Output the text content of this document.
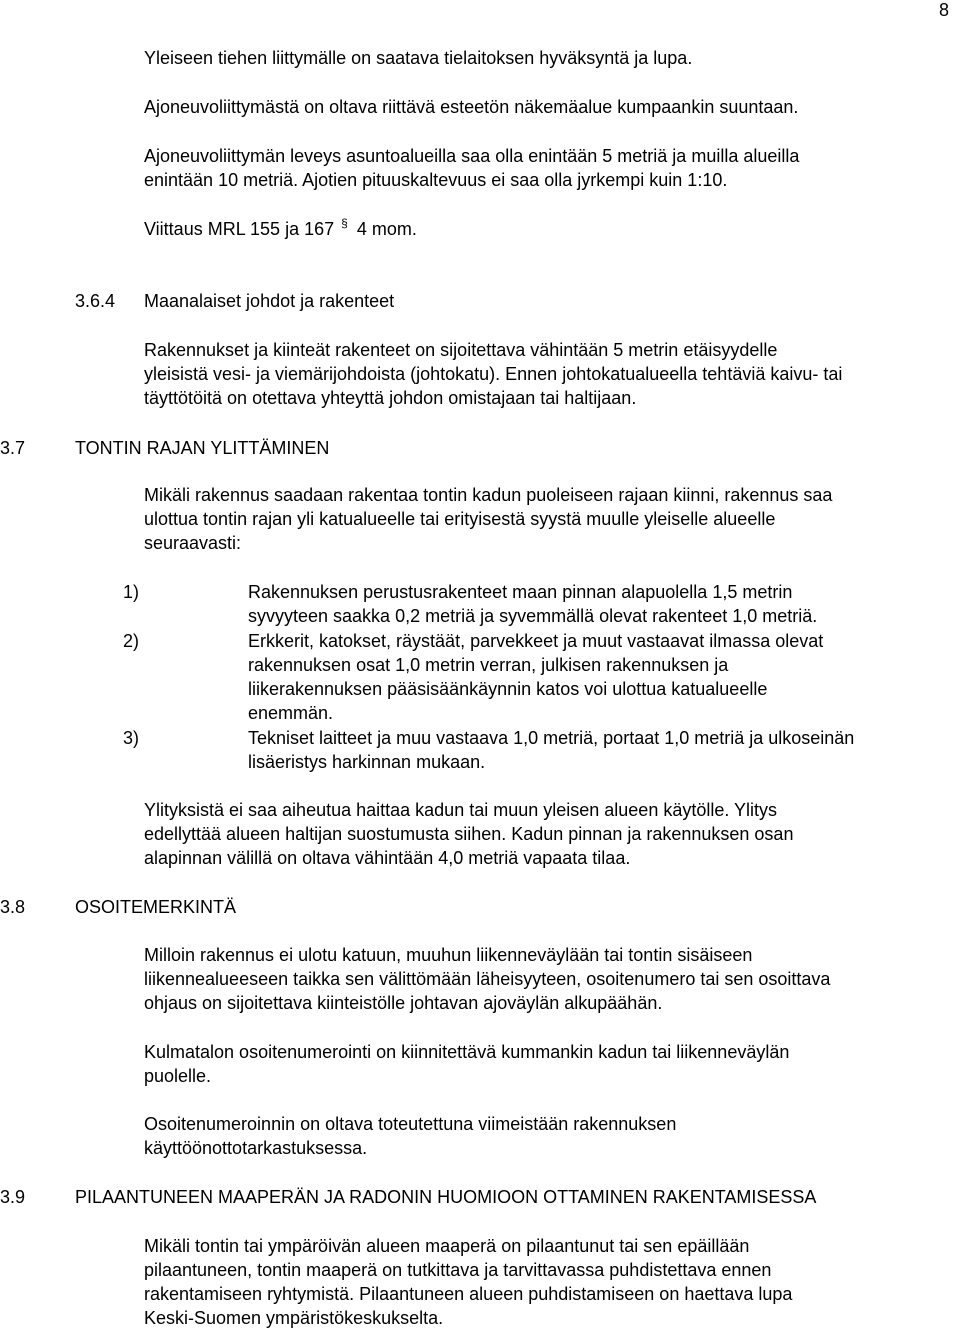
8
Yleiseen tiehen liittymälle on saatava tielaitoksen hyväksyntä ja lupa.
Ajoneuvoliittymästä on oltava riittävä esteetön näkemäalue kumpaankin suuntaan.
Ajoneuvoliittymän leveys asuntoalueilla saa olla enintään 5 metriä ja muilla alueilla
enintään 10 metriä. Ajotien pituuskaltevuus ei saa olla jyrkempi kuin 1:10.
Viittaus MRL 155 ja 167 § 4 mom.
3.6.4 Maanalaiset johdot ja rakenteet
Rakennukset ja kiinteät rakenteet on sijoitettava vähintään 5 metrin etäisyydelle
yleisistä vesi- ja viemärijohdoista (johtokatu). Ennen johtokatualueella tehtäviä kaivu- tai
täyttötöitä on otettava yhteyttä johdon omistajaan tai haltijaan.
3.7	TONTIN RAJAN YLITTÄMINEN
Mikäli rakennus saadaan rakentaa tontin kadun puoleiseen rajaan kiinni, rakennus saa
ulottua tontin rajan yli katualueelle tai erityisestä syystä muulle yleiselle alueelle
seuraavasti:
1)	Rakennuksen perustusrakenteet maan pinnan alapuolella 1,5 metrin
syvyyteen saakka 0,2 metriä ja syvemmällä olevat rakenteet 1,0 metriä.
2)	Erkkerit, katokset, räystäät, parvekkeet ja muut vastaavat ilmassa olevat
rakennuksen osat 1,0 metrin verran, julkisen rakennuksen ja
liikerakennuksen pääsisäänkäynnin katos voi ulottua katualueelle
enemmän.
3)	Tekniset laitteet ja muu vastaava 1,0 metriä, portaat 1,0 metriä ja ulkoseinän
lisäeristys harkinnan mukaan.
Ylityksistä ei saa aiheutua haittaa kadun tai muun yleisen alueen käytölle. Ylitys
edellyttää alueen haltijan suostumusta siihen. Kadun pinnan ja rakennuksen osan
alapinnan välillä on oltava vähintään 4,0 metriä vapaata tilaa.
3.8	OSOITEMERKINTÄ
Milloin rakennus ei ulotu katuun, muuhun liikenneväylään tai tontin sisäiseen
liikennealueeseen taikka sen välittömään läheisyyteen, osoitenumero tai sen osoittava
ohjaus on sijoitettava kiinteistölle johtavan ajoväylän alkupäähän.
Kulmatalon osoitenumerointi on kiinnitettävä kummankin kadun tai liikenneväylän
puolelle.
Osoitenumeroinnin on oltava toteutettuna viimeistään rakennuksen
käyttöönottotarkastuksessa.
3.9	PILAANTUNEEN MAAPERÄN JA RADONIN HUOMIOON OTTAMINEN RAKENTAMISESSA
Mikäli tontin tai ympäröivän alueen maaperä on pilaantunut tai sen epäillään
pilaantuneen, tontin maaperä on tutkittava ja tarvittavassa puhdistettava ennen
rakentamiseen ryhtymistä. Pilaantuneen alueen puhdistamiseen on haettava lupa
Keski-Suomen ympäristökeskukselta.
